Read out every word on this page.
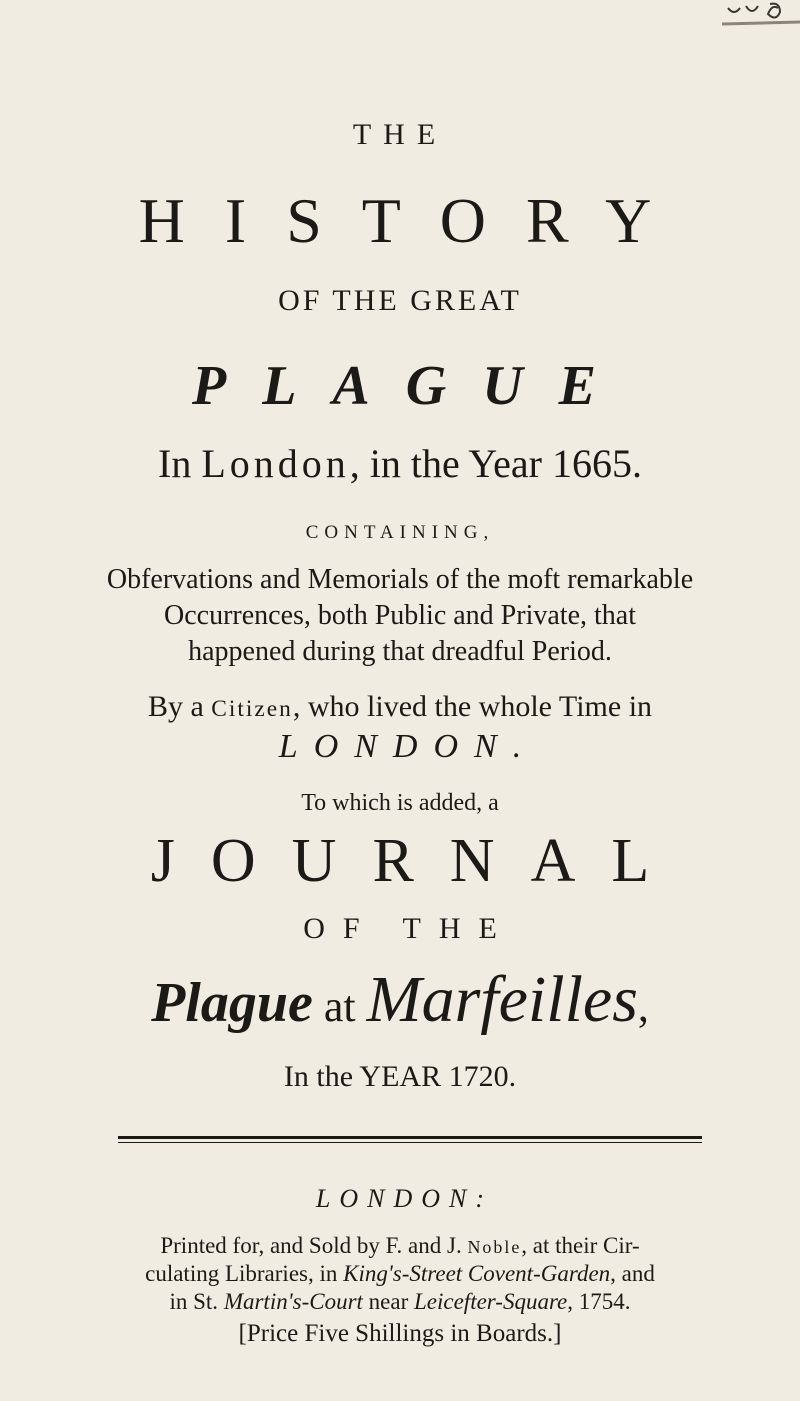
THE
HISTORY
OF THE GREAT
PLAGUE
In London, in the Year 1665.
CONTAINING,
Obfervations and Memorials of the moft remarkable
Occurrences, both Public and Private, that
happened during that dreadful Period.
By a Citizen, who lived the whole Time in
LONDON.
To which is added, a
JOURNAL
OF THE
Plague at Marfeilles,
In the YEAR 1720.
LONDON:
Printed for, and Sold by F. and J. Noble, at their Cir-
culating Libraries, in King's-Street Covent-Garden, and
in St. Martin's-Court near Leicefter-Square, 1754.
[Price Five Shillings in Boards.]
